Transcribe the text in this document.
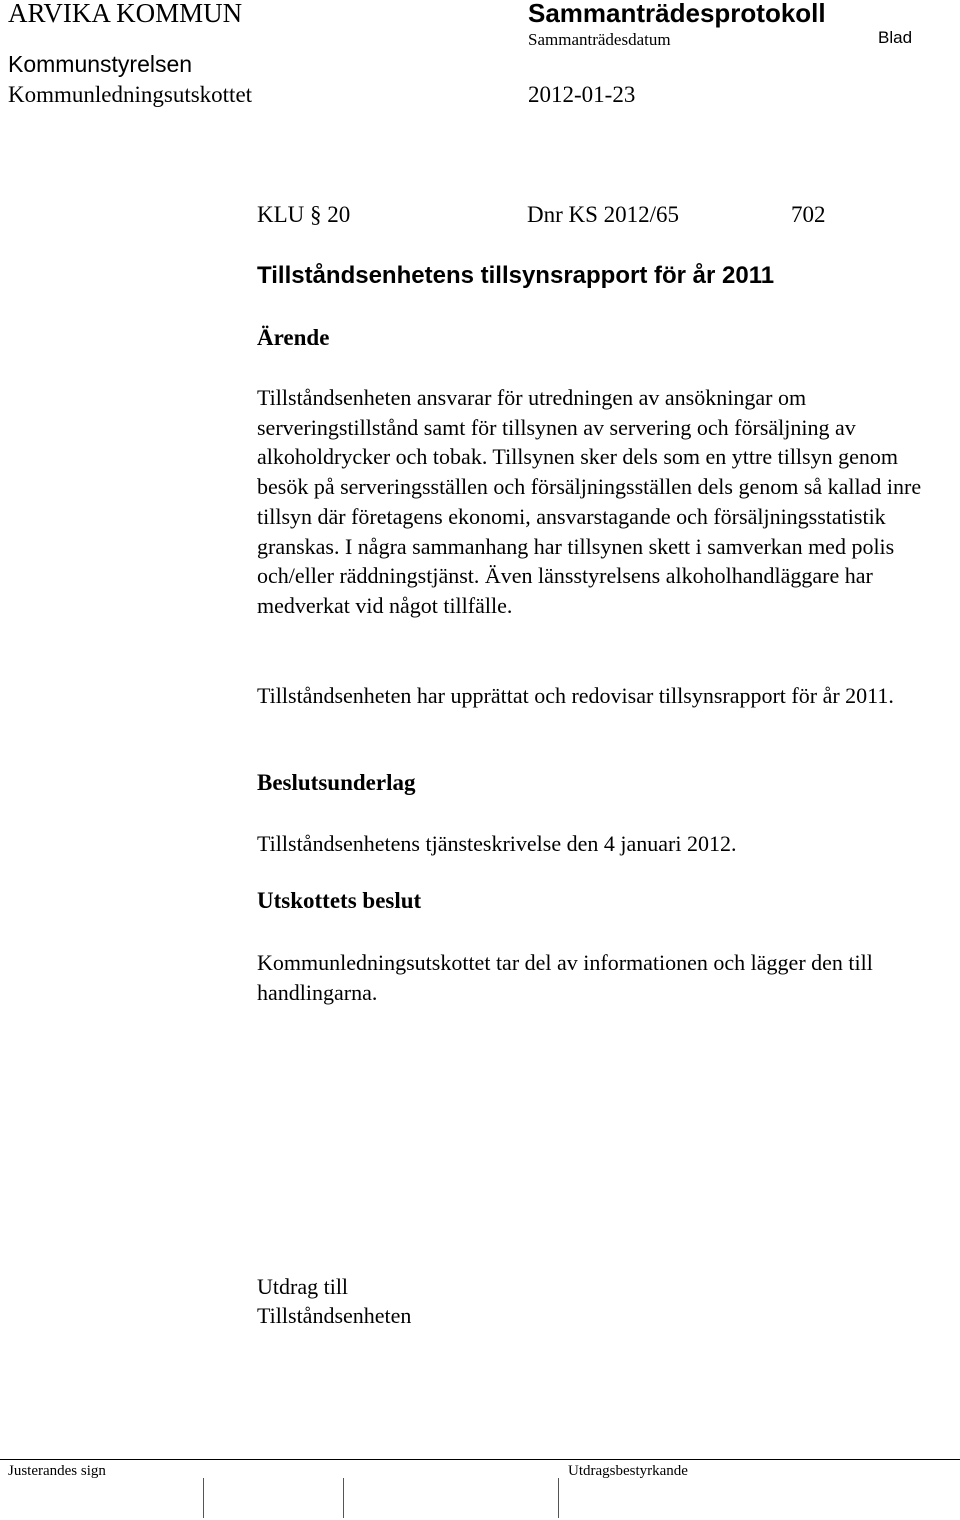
ARVIKA KOMMUN	Sammanträdesprotokoll
Sammanträdesdatum	Blad
Kommunstyrelsen
Kommunledningsutskottet	2012-01-23
KLU § 20	Dnr KS 2012/65	702
Tillståndsenhetens tillsynsrapport för år 2011
Ärende
Tillståndsenheten ansvarar för utredningen av ansökningar om serveringstillstånd samt för tillsynen av servering och försäljning av alkoholdrycker och tobak. Tillsynen sker dels som en yttre tillsyn genom besök på serveringsställen och försäljningsställen dels genom så kallad inre tillsyn där företagens ekonomi, ansvarstagande och försäljningsstatistik granskas. I några sammanhang har tillsynen skett i samverkan med polis och/eller räddningstjänst. Även länsstyrelsens alkoholhandläggare har medverkat vid något tillfälle.
Tillståndsenheten har upprättat och redovisar tillsynsrapport för år 2011.
Beslutsunderlag
Tillståndsenhetens tjänsteskrivelse den 4 januari 2012.
Utskottets beslut
Kommunledningsutskottet tar del av informationen och lägger den till handlingarna.
Utdrag till
Tillståndsenheten
Justerandes sign	Utdragsbestyrkande
